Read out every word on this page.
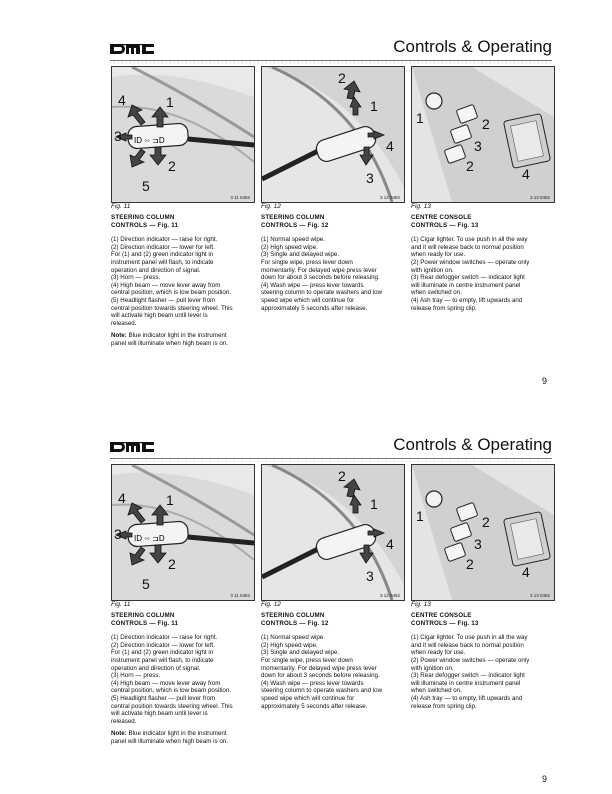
Controls & Operating
ID ◦◦ ⊐D
1
2
3
4
5
3 11 0482
1
2
3
4
3 12 0482
1	2
3
2	4
3 13 0482
Fig. 11	Fig. 12	Fig. 13
STEERING COLUMN
CONTROLS — Fig. 11

(1) Direction indicator — raise for right.

(2) Direction indicator — lower for left.

For (1) and (2) green indicator light in

instrument panel will flash, to indicate

operation and direction of signal.

(3) Horn — press.

(4) High beam — move lever away from

central position, which is low beam position.

(5) Headlight flasher — pull lever from

central position towards steering wheel. This

will activate high beam until lever is

released.

Note: Blue indicator light in the instrument

panel will illuminate when high beam is on.

STEERING COLUMN
CONTROLS — Fig. 12

(1) Normal speed wipe.

(2) High speed wipe.

(3) Single and delayed wipe.

For single wipe, press lever down

momentarily. For delayed wipe press lever

down for about 3 seconds before releasing.

(4) Wash wipe — press lever towards

steering column to operate washers and low

speed wipe which will continue for

approximately 5 seconds after release.

CENTRE CONSOLE
CONTROLS — Fig. 13

(1) Cigar lighter. To use push in all the way

and it will release back to normal position

when ready for use.

(2) Power window switches — operate only

with ignition on.

(3) Rear defogger switch — indicator light

will illuminate in centre instrument panel

when switched on.

(4) Ash tray — to empty, lift upwards and

release from spring clip.

9
Controls & Operating
ID ◦◦ ⊐D
1
2
3
4
5
3 11 0482
1
2
3
4
3 12 0482
1	2
3
2	4
3 13 0482
Fig. 11	Fig. 12	Fig. 13
STEERING COLUMN
CONTROLS — Fig. 11

(1) Direction indicator — raise for right.

(2) Direction indicator — lower for left.

For (1) and (2) green indicator light in

instrument panel will flash, to indicate

operation and direction of signal.

(3) Horn — press.

(4) High beam — move lever away from

central position, which is low beam position.

(5) Headlight flasher — pull lever from

central position towards steering wheel. This

will activate high beam until lever is

released.

Note: Blue indicator light in the instrument

panel will illuminate when high beam is on.

STEERING COLUMN
CONTROLS — Fig. 12

(1) Normal speed wipe.

(2) High speed wipe.

(3) Single and delayed wipe.

For single wipe, press lever down

momentarily. For delayed wipe press lever

down for about 3 seconds before releasing.

(4) Wash wipe — press lever towards

steering column to operate washers and low

speed wipe which will continue for

approximately 5 seconds after release.

CENTRE CONSOLE
CONTROLS — Fig. 13

(1) Cigar lighter. To use push in all the way

and it will release back to normal position

when ready for use.

(2) Power window switches — operate only

with ignition on.

(3) Rear defogger switch — indicator light

will illuminate in centre instrument panel

when switched on.

(4) Ash tray — to empty, lift upwards and

release from spring clip.

9
